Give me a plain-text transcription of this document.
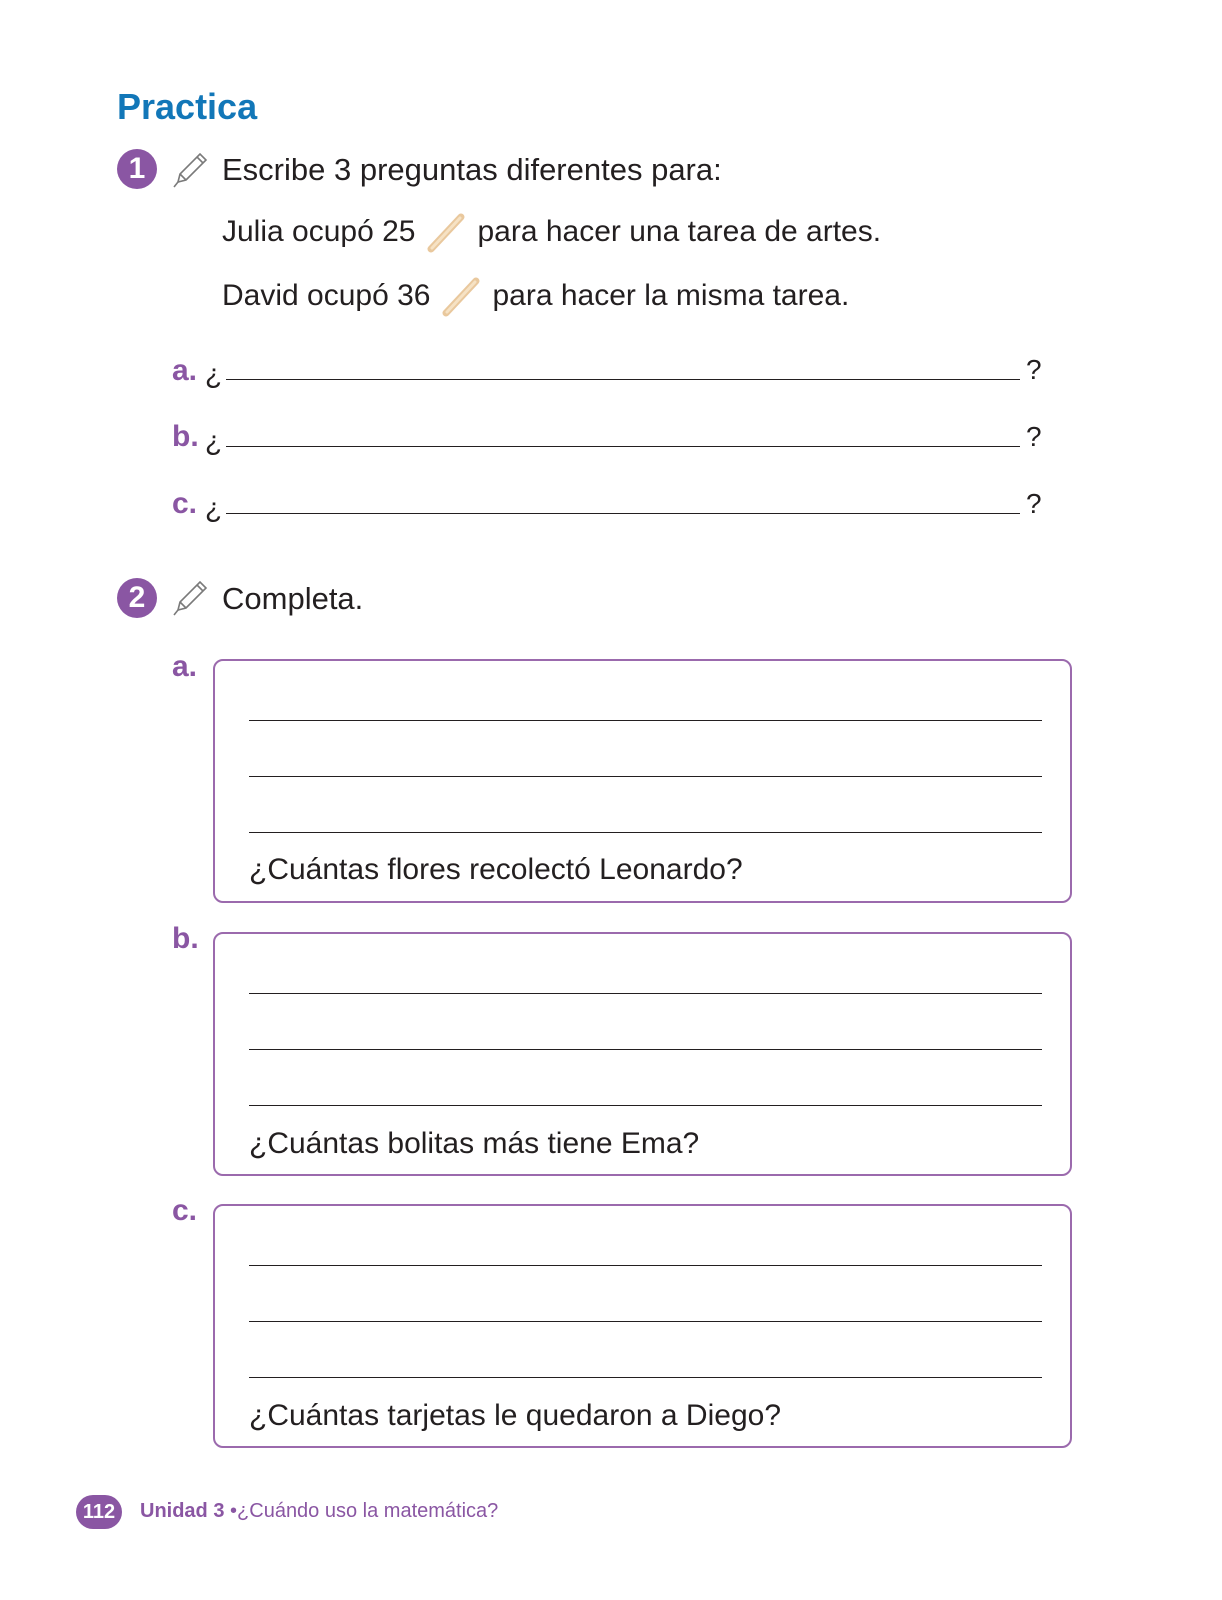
Practica
1	Escribe 3 preguntas diferentes para:
Julia ocupó 25 para hacer una tarea de artes.
David ocupó 36 para hacer la misma tarea.
a. ¿	?
b. ¿	?
c. ¿	?
2	Completa.
a.
¿Cuántas flores recolectó Leonardo?
b.
¿Cuántas bolitas más tiene Ema?
c.
¿Cuántas tarjetas le quedaron a Diego?
112	Unidad 3 •¿Cuándo uso la matemática?
